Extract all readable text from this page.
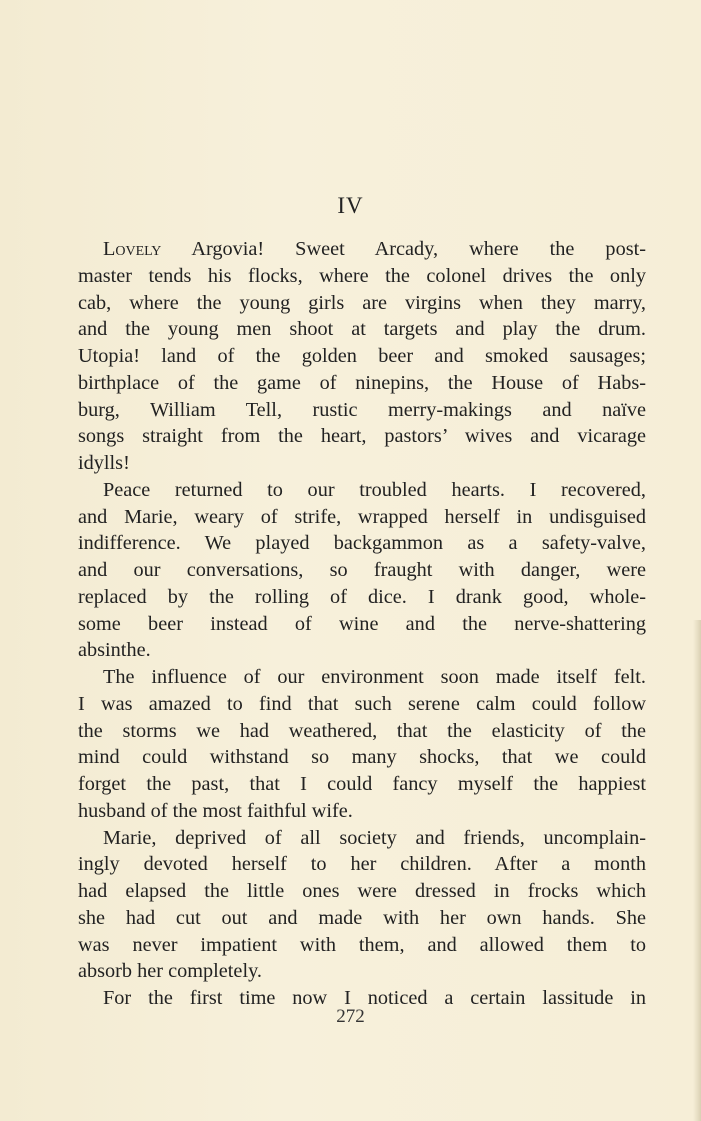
IV
Lovely Argovia! Sweet Arcady, where the post-
master tends his flocks, where the colonel drives the only
cab, where the young girls are virgins when they marry,
and the young men shoot at targets and play the drum.
Utopia! land of the golden beer and smoked sausages;
birthplace of the game of ninepins, the House of Habs-
burg, William Tell, rustic merry-makings and naïve
songs straight from the heart, pastors’ wives and vicarage
idylls!
Peace returned to our troubled hearts. I recovered,
and Marie, weary of strife, wrapped herself in undisguised
indifference. We played backgammon as a safety-valve,
and our conversations, so fraught with danger, were
replaced by the rolling of dice. I drank good, whole-
some beer instead of wine and the nerve-shattering
absinthe.
The influence of our environment soon made itself felt.
I was amazed to find that such serene calm could follow
the storms we had weathered, that the elasticity of the
mind could withstand so many shocks, that we could
forget the past, that I could fancy myself the happiest
husband of the most faithful wife.
Marie, deprived of all society and friends, uncomplain-
ingly devoted herself to her children. After a month
had elapsed the little ones were dressed in frocks which
she had cut out and made with her own hands. She
was never impatient with them, and allowed them to
absorb her completely.
For the first time now I noticed a certain lassitude in
272
